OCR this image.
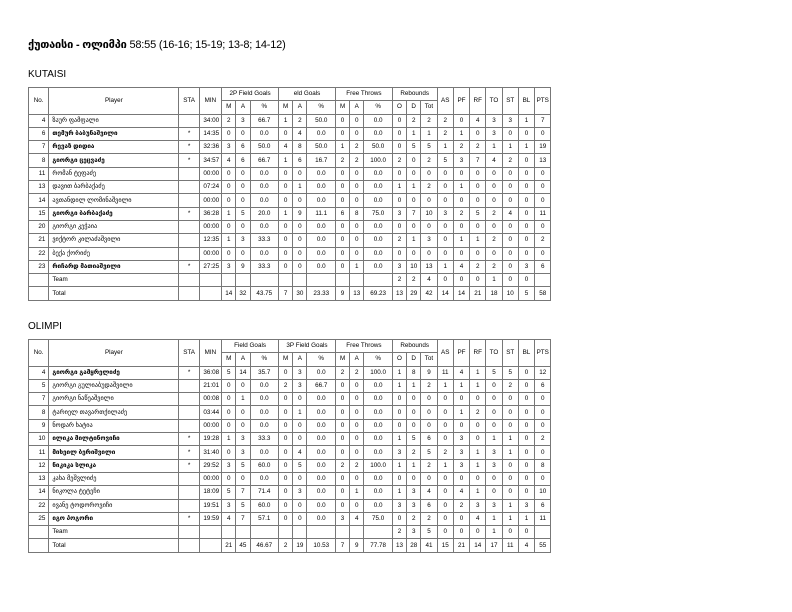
ქუთაისი - ოლიმპი 58:55 (16-16; 15-19; 13-8; 14-12)
KUTAISI
No.	Player	STA	MIN	2P Field Goals			eld Goals			Free Throws			Rebounds			AS	PF	RF	TO	ST	BL	PTS
				M	A	%	M	A	%	M	A	%	O	D	Tot							
4	ზაურ ფამფალი		34:00	2	3	66.7	1	2	50.0	0	0	0.0	0	2	2	2	0	4	3	3	1	7
6	თემურ ბაბუნაშვილი	*	14:35	0	0	0.0	0	4	0.0	0	0	0.0	0	1	1	2	1	0	3	0	0	0
7	რევაზ დიდია	*	32:36	3	6	50.0	4	8	50.0	1	2	50.0	0	5	5	1	2	2	1	1	1	19
8	გიორგი ცეცვაძე	*	34:57	4	6	66.7	1	6	16.7	2	2	100.0	2	0	2	5	3	7	4	2	0	13
11	რომან ტეფაძე		00:00	0	0	0.0	0	0	0.0	0	0	0.0	0	0	0	0	0	0	0	0	0	0
13	დავით ბარბაქაძე		07:24	0	0	0.0	0	1	0.0	0	0	0.0	1	1	2	0	1	0	0	0	0	0
14	ავთანდილ ლომინაშვილი		00:00	0	0	0.0	0	0	0.0	0	0	0.0	0	0	0	0	0	0	0	0	0	0
15	გიორგი ბარბაქაძე	*	36:28	1	5	20.0	1	9	11.1	6	8	75.0	3	7	10	3	2	5	2	4	0	11
20	გიორგი კეჭაია		00:00	0	0	0.0	0	0	0.0	0	0	0.0	0	0	0	0	0	0	0	0	0	0
21	ვიქტორ კილაძაშვილი		12:35	1	3	33.3	0	0	0.0	0	0	0.0	2	1	3	0	1	1	2	0	0	2
22	ბექა ქორიძე		00:00	0	0	0.0	0	0	0.0	0	0	0.0	0	0	0	0	0	0	0	0	0	0
23	რიჩარდ მათიაშვილი	*	27:25	3	9	33.3	0	0	0.0	0	1	0.0	3	10	13	1	4	2	2	0	3	6
	Team												2	2	4	0	0	0	1	0	0	
	Total			14	32	43.75	7	30	23.33	9	13	69.23	13	29	42	14	14	21	18	10	5	58
OLIMPI
No.	Player	STA	MIN	Field Goals			3P Field Goals			Free Throws			Rebounds			AS	PF	RF	TO	ST	BL	PTS
				M	A	%	M	A	%	M	A	%	O	D	Tot							
4	გიორგი გამყრელიძე	*	36:08	5	14	35.7	0	3	0.0	2	2	100.0	1	8	9	11	4	1	5	5	0	12
5	გიორგი გულიაბუდაშვილი		21:01	0	0	0.0	2	3	66.7	0	0	0.0	1	1	2	1	1	1	0	2	0	6
7	გიორგი ნაწეაშვილი		00:08	0	1	0.0	0	0	0.0	0	0	0.0	0	0	0	0	0	0	0	0	0	0
8	ტარიელ თავართქილაძე		03:44	0	0	0.0	0	1	0.0	0	0	0.0	0	0	0	0	1	2	0	0	0	0
9	ნოდარ ხატია		00:00	0	0	0.0	0	0	0.0	0	0	0.0	0	0	0	0	0	0	0	0	0	0
10	ილიკა მილტინოვიჩი	*	19:28	1	3	33.3	0	0	0.0	0	0	0.0	1	5	6	0	3	0	1	1	0	2
11	მიხეილ ბერიშვილი	*	31:40	0	3	0.0	0	4	0.0	0	0	0.0	3	2	5	2	3	1	3	1	0	0
12	ნიკიკა სლიკა	*	29:52	3	5	60.0	0	5	0.0	2	2	100.0	1	1	2	1	3	1	3	0	0	8
13	კახა მეშვლიძე		00:00	0	0	0.0	0	0	0.0	0	0	0.0	0	0	0	0	0	0	0	0	0	0
14	ნიკოლა ტეტეჩი		18:09	5	7	71.4	0	3	0.0	0	1	0.0	1	3	4	0	4	1	0	0	0	10
22	ივანე ტოდოროვიჩი		19:51	3	5	60.0	0	0	0.0	0	0	0.0	3	3	6	0	2	3	3	1	3	6
25	იგო პოგორი	*	19:59	4	7	57.1	0	0	0.0	3	4	75.0	0	2	2	0	0	4	1	1	1	11
	Team												2	3	5	0	0	0	1	0	0	
	Total			21	45	46.67	2	19	10.53	7	9	77.78	13	28	41	15	21	14	17	11	4	55
